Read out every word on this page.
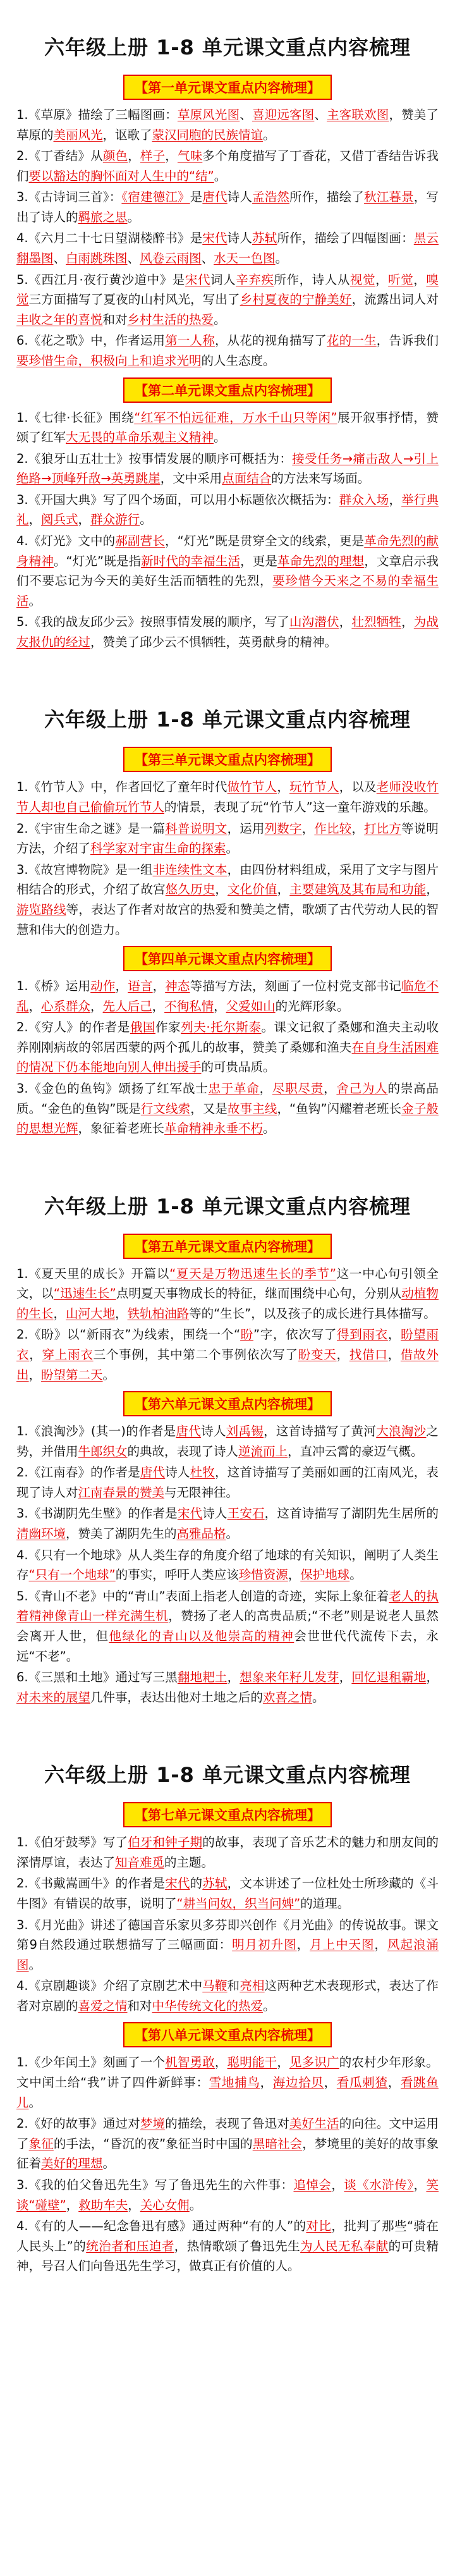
六年级上册 1-8 单元课文重点内容梳理
【第一单元课文重点内容梳理】
1.《草原》描绘了三幅图画：草原风光图、喜迎远客图、主客联欢图，赞美了草原的美丽风光，讴歌了蒙汉同胞的民族情谊。
2.《丁香结》从颜色，样子，气味多个角度描写了丁香花，又借丁香结告诉我们要以豁达的胸怀面对人生中的“结”。
3.《古诗词三首》：《宿建德江》是唐代诗人孟浩然所作，描绘了秋江暮景，写出了诗人的羁旅之思。
4.《六月二十七日望湖楼醉书》是宋代诗人苏轼所作，描绘了四幅图画：黑云翻墨图、白雨跳珠图、风卷云雨图、水天一色图。
5.《西江月·夜行黄沙道中》是宋代词人辛弃疾所作，诗人从视觉，听觉，嗅觉三方面描写了夏夜的山村风光，写出了乡村夏夜的宁静美好，流露出词人对丰收之年的喜悦和对乡村生活的热爱。
6.《花之歌》中，作者运用第一人称，从花的视角描写了花的一生，告诉我们要珍惜生命，积极向上和追求光明的人生态度。
【第二单元课文重点内容梳理】
1.《七律·长征》围绕“红军不怕远征难，万水千山只等闲”展开叙事抒情，赞颂了红军大无畏的革命乐观主义精神。
2.《狼牙山五壮士》按事情发展的顺序可概括为：接受任务→痛击敌人→引上绝路→顶峰歼敌→英勇跳崖，文中采用点面结合的方法来写场面。
3.《开国大典》写了四个场面，可以用小标题依次概括为：群众入场，举行典礼，阅兵式，群众游行。
4.《灯光》文中的郝副营长，“灯光”既是贯穿全文的线索，更是革命先烈的献身精神。“灯光”既是指新时代的幸福生活，更是革命先烈的理想，文章启示我们不要忘记为今天的美好生活而牺牲的先烈，要珍惜今天来之不易的幸福生活。
5.《我的战友邱少云》按照事情发展的顺序，写了山沟潜伏，壮烈牺牲，为战友报仇的经过，赞美了邱少云不惧牺牲，英勇献身的精神。
六年级上册 1-8 单元课文重点内容梳理
【第三单元课文重点内容梳理】
1.《竹节人》中，作者回忆了童年时代做竹节人，玩竹节人，以及老师没收竹节人却也自己偷偷玩竹节人的情景，表现了玩“竹节人”这一童年游戏的乐趣。
2.《宇宙生命之谜》是一篇科普说明文，运用列数字，作比较，打比方等说明方法，介绍了科学家对宇宙生命的探索。
3.《故宫博物院》是一组非连续性文本，由四份材料组成，采用了文字与图片相结合的形式，介绍了故宫悠久历史，文化价值，主要建筑及其布局和功能，游览路线等，表达了作者对故宫的热爱和赞美之情，歌颂了古代劳动人民的智慧和伟大的创造力。
【第四单元课文重点内容梳理】
1.《桥》运用动作，语言，神态等描写方法，刻画了一位村党支部书记临危不乱，心系群众，先人后己，不徇私情，父爱如山的光辉形象。
2.《穷人》的作者是俄国作家列夫·托尔斯泰。课文记叙了桑娜和渔夫主动收养刚刚病故的邻居西蒙的两个孤儿的故事，赞美了桑娜和渔夫在自身生活困难的情况下仍本能地向别人伸出援手的可贵品质。
3.《金色的鱼钩》颂扬了红军战士忠于革命，尽职尽责，舍己为人的崇高品质。“金色的鱼钩”既是行文线索，又是故事主线，“鱼钩”闪耀着老班长金子般的思想光辉，象征着老班长革命精神永垂不朽。
六年级上册 1-8 单元课文重点内容梳理
【第五单元课文重点内容梳理】
1.《夏天里的成长》开篇以“夏天是万物迅速生长的季节”这一中心句引领全文，以“迅速生长”点明夏天事物成长的特征，继而围绕中心句，分别从动植物的生长，山河大地，铁轨柏油路等的“生长”，以及孩子的成长进行具体描写。
2.《盼》以“新雨衣”为线索，围绕一个“盼”字，依次写了得到雨衣，盼望雨衣，穿上雨衣三个事例，其中第二个事例依次写了盼变天，找借口，借故外出，盼望第二天。
【第六单元课文重点内容梳理】
1.《浪淘沙》(其一)的作者是唐代诗人刘禹锡，这首诗描写了黄河大浪淘沙之势，并借用牛郎织女的典故，表现了诗人逆流而上，直冲云霄的豪迈气概。
2.《江南春》的作者是唐代诗人杜牧，这首诗描写了美丽如画的江南风光，表现了诗人对江南春景的赞美与无限神往。
3.《书湖阴先生壁》的作者是宋代诗人王安石，这首诗描写了湖阴先生居所的清幽环境，赞美了湖阴先生的高雅品格。
4.《只有一个地球》从人类生存的角度介绍了地球的有关知识，阐明了人类生存“只有一个地球”的事实，呼吁人类应该珍惜资源，保护地球。
5.《青山不老》中的“青山”表面上指老人创造的奇迹，实际上象征着老人的执着精神像青山一样充满生机，赞扬了老人的高贵品质;“不老”则是说老人虽然会离开人世，但他绿化的青山以及他崇高的精神会世世代代流传下去，永远“不老”。
6.《三黑和土地》通过写三黑翻地耙土，想象来年籽儿发芽，回忆退租霸地，对未来的展望几件事，表达出他对土地之后的欢喜之情。
六年级上册 1-8 单元课文重点内容梳理
【第七单元课文重点内容梳理】
1.《伯牙鼓琴》写了伯牙和钟子期的故事，表现了音乐艺术的魅力和朋友间的深情厚谊，表达了知音难觅的主题。
2.《书戴嵩画牛》的作者是宋代的苏轼，文本讲述了一位杜处士所珍藏的《斗牛图》有错误的故事，说明了“耕当问奴，织当问婢”的道理。
3.《月光曲》讲述了德国音乐家贝多芬即兴创作《月光曲》的传说故事。课文第9自然段通过联想描写了三幅画面：明月初升图，月上中天图，风起浪涌图。
4.《京剧趣谈》介绍了京剧艺术中马鞭和亮相这两种艺术表现形式，表达了作者对京剧的喜爱之情和对中华传统文化的热爱。
【第八单元课文重点内容梳理】
1.《少年闰土》刻画了一个机智勇敢，聪明能干，见多识广的农村少年形象。文中闰土给“我”讲了四件新鲜事：雪地捕鸟，海边拾贝，看瓜刺猹，看跳鱼儿。
2.《好的故事》通过对梦境的描绘，表现了鲁迅对美好生活的向往。文中运用了象征的手法，“昏沉的夜”象征当时中国的黑暗社会，梦境里的美好的故事象征着美好的理想。
3.《我的伯父鲁迅先生》写了鲁迅先生的六件事：追悼会，谈《水浒传》，笑谈“碰壁”，救助车夫，关心女佣。
4.《有的人——纪念鲁迅有感》通过两种“有的人”的对比，批判了那些“骑在人民头上”的统治者和压迫者，热情歌颂了鲁迅先生为人民无私奉献的可贵精神，号召人们向鲁迅先生学习，做真正有价值的人。
